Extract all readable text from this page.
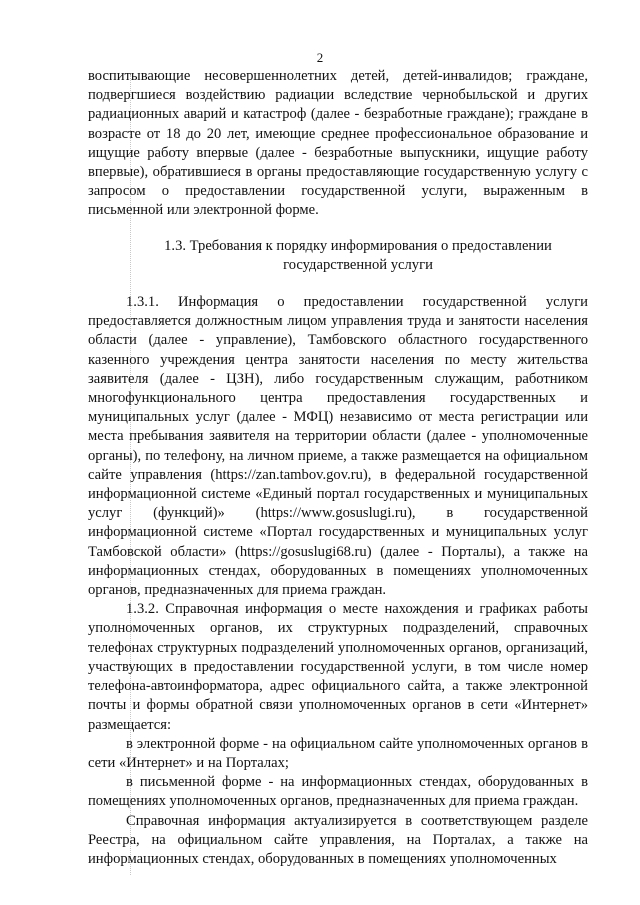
2

воспитывающие несовершеннолетних детей, детей-инвалидов; граждане, подвергшиеся воздействию радиации вследствие чернобыльской и других радиационных аварий и катастроф (далее - безработные граждане); граждане в возрасте от 18 до 20 лет, имеющие среднее профессиональное образование и ищущие работу впервые (далее - безработные выпускники, ищущие работу впервые), обратившиеся в органы предоставляющие государственную услугу с запросом о предоставлении государственной услуги, выраженным в письменной или электронной форме.

1.3. Требования к порядку информирования о предоставлении
государственной услуги

1.3.1. Информация о предоставлении государственной услуги предоставляется должностным лицом управления труда и занятости населения области (далее - управление), Тамбовского областного государственного казенного учреждения центра занятости населения по месту жительства заявителя (далее - ЦЗН), либо государственным служащим, работником многофункционального центра предоставления государственных и муниципальных услуг (далее - МФЦ) независимо от места регистрации или места пребывания заявителя на территории области (далее - уполномоченные органы), по телефону, на личном приеме, а также размещается на официальном сайте управления (https://zan.tambov.gov.ru), в федеральной государственной информационной системе «Единый портал государственных и муниципальных услуг (функций)» (https://www.gosuslugi.ru), в государственной информационной системе «Портал государственных и муниципальных услуг Тамбовской области» (https://gosuslugi68.ru) (далее - Порталы), а также на информационных стендах, оборудованных в помещениях уполномоченных органов, предназначенных для приема граждан.

1.3.2. Справочная информация о месте нахождения и графиках работы уполномоченных органов, их структурных подразделений, справочных телефонах структурных подразделений уполномоченных органов, организаций, участвующих в предоставлении государственной услуги, в том числе номер телефона-автоинформатора, адрес официального сайта, а также электронной почты и формы обратной связи уполномоченных органов в сети «Интернет» размещается:

в электронной форме - на официальном сайте уполномоченных органов в сети «Интернет» и на Порталах;

в письменной форме - на информационных стендах, оборудованных в помещениях уполномоченных органов, предназначенных для приема граждан.

Справочная информация актуализируется в соответствующем разделе Реестра, на официальном сайте управления, на Порталах, а также на информационных стендах, оборудованных в помещениях уполномоченных
